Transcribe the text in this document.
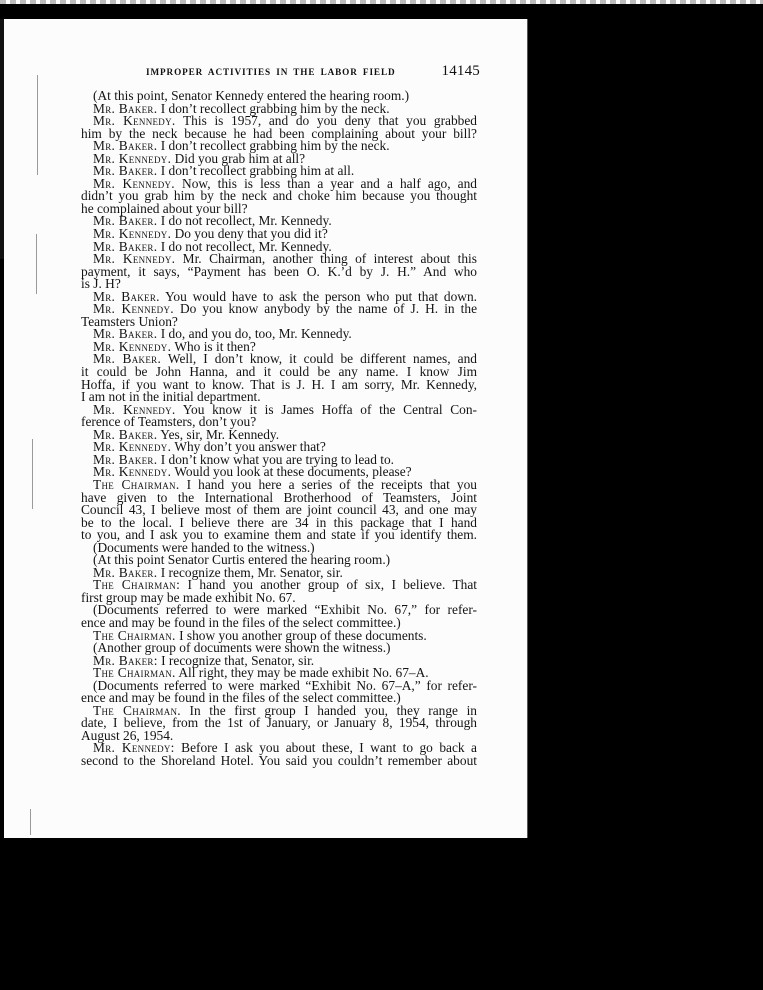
IMPROPER ACTIVITIES IN THE LABOR FIELD	14145
(At this point, Senator Kennedy entered the hearing room.)
Mr. Baker. I don’t recollect grabbing him by the neck.
Mr. Kennedy. This is 1957, and do you deny that you grabbed
him by the neck because he had been complaining about your bill?
Mr. Baker. I don’t recollect grabbing him by the neck.
Mr. Kennedy. Did you grab him at all?
Mr. Baker. I don’t recollect grabbing him at all.
Mr. Kennedy. Now, this is less than a year and a half ago, and
didn’t you grab him by the neck and choke him because you thought
he complained about your bill?
Mr. Baker. I do not recollect, Mr. Kennedy.
Mr. Kennedy. Do you deny that you did it?
Mr. Baker. I do not recollect, Mr. Kennedy.
Mr. Kennedy. Mr. Chairman, another thing of interest about this
payment, it says, “Payment has been O. K.’d by J. H.” And who
is J. H?
Mr. Baker. You would have to ask the person who put that down.
Mr. Kennedy. Do you know anybody by the name of J. H. in the
Teamsters Union?
Mr. Baker. I do, and you do, too, Mr. Kennedy.
Mr. Kennedy. Who is it then?
Mr. Baker. Well, I don’t know, it could be different names, and
it could be John Hanna, and it could be any name. I know Jim
Hoffa, if you want to know. That is J. H. I am sorry, Mr. Kennedy,
I am not in the initial department.
Mr. Kennedy. You know it is James Hoffa of the Central Con-
ference of Teamsters, don’t you?
Mr. Baker. Yes, sir, Mr. Kennedy.
Mr. Kennedy. Why don’t you answer that?
Mr. Baker. I don’t know what you are trying to lead to.
Mr. Kennedy. Would you look at these documents, please?
The Chairman. I hand you here a series of the receipts that you
have given to the International Brotherhood of Teamsters, Joint
Council 43, I believe most of them are joint council 43, and one may
be to the local. I believe there are 34 in this package that I hand
to you, and I ask you to examine them and state if you identify them.
(Documents were handed to the witness.)
(At this point Senator Curtis entered the hearing room.)
Mr. Baker. I recognize them, Mr. Senator, sir.
The Chairman: I hand you another group of six, I believe. That
first group may be made exhibit No. 67.
(Documents referred to were marked “Exhibit No. 67,” for refer-
ence and may be found in the files of the select committee.)
The Chairman. I show you another group of these documents.
(Another group of documents were shown the witness.)
Mr. Baker: I recognize that, Senator, sir.
The Chairman. All right, they may be made exhibit No. 67–A.
(Documents referred to were marked “Exhibit No. 67–A,” for refer-
ence and may be found in the files of the select committee.)
The Chairman. In the first group I handed you, they range in
date, I believe, from the 1st of January, or January 8, 1954, through
August 26, 1954.
Mr. Kennedy: Before I ask you about these, I want to go back a
second to the Shoreland Hotel. You said you couldn’t remember about
